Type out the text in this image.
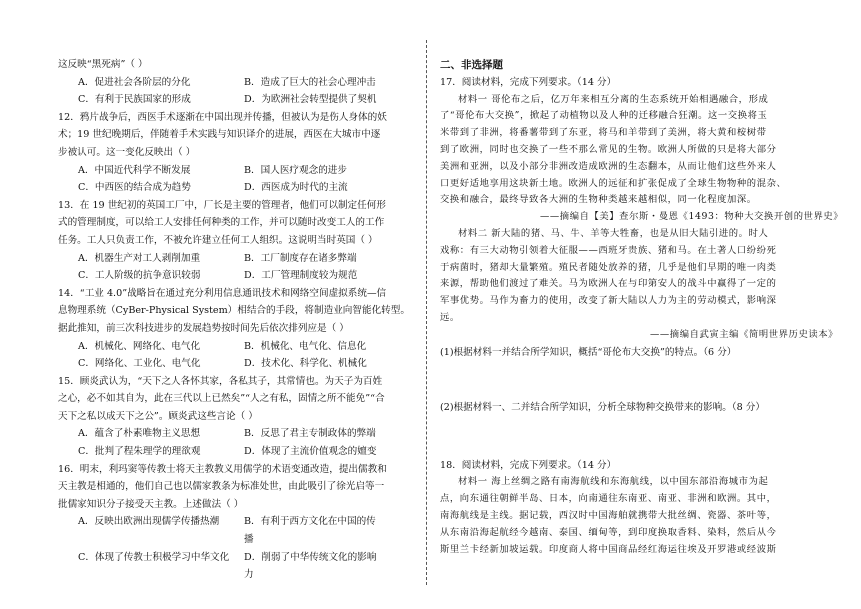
这反映“黑死病”（ ）
A．促进社会各阶层的分化	B．造成了巨大的社会心理冲击
C．有利于民族国家的形成	D．为欧洲社会转型提供了契机
12．鸦片战争后，西医手术逐渐在中国出现并传播，但被认为是伤人身体的妖
术；19 世纪晚期后，伴随着手术实践与知识译介的进展，西医在大城市中逐
步被认可。这一变化反映出（ ）
A．中国近代科学不断发展	B．国人医疗观念的进步
C．中西医的结合成为趋势	D．西医成为时代的主流
13．在 19 世纪初的英国工厂中，厂长是主要的管理者，他们可以制定任何形
式的管理制度，可以给工人安排任何种类的工作，并可以随时改变工人的工作
任务。工人只负责工作，不被允许建立任何工人组织。这说明当时英国（ ）
A．机器生产对工人剥削加重	B．工厂制度存在诸多弊端
C．工人阶级的抗争意识较弱	D．工厂管理制度较为规范
14．“工业 4.0”战略旨在通过充分利用信息通讯技术和网络空间虚拟系统—信
息物理系统（CyBer-Physical System）相结合的手段，将制造业向智能化转型。
据此推知，前三次科技进步的发展趋势按时间先后依次排列应是（ ）
A．机械化、网络化、电气化	B．机械化、电气化、信息化
C．网络化、工业化、电气化	D．技术化、科学化、机械化
15．顾炎武认为，“天下之人各怀其家，各私其子，其常情也。为天子为百姓
之心，必不如其自为，此在三代以上已然矣”“人之有私，固情之所不能免”“合
天下之私以成天下之公”。顾炎武这些言论（ ）
A．蕴含了朴素唯物主义思想	B．反思了君主专制政体的弊端
C．批判了程朱理学的理欲观	D．体现了主流价值观念的嬗变
16．明末，利玛窦等传教士将天主教教义用儒学的术语变通改造，提出儒教和
天主教是相通的，他们自己也以儒家教条为标准处世，由此吸引了徐光启等一
批儒家知识分子接受天主教。上述做法（ ）
A．反映出欧洲出现儒学传播热潮	B．有利于西方文化在中国的传
播
C．体现了传教士积极学习中华文化	D．削弱了中华传统文化的影响
力
二、非选择题
17．阅读材料，完成下列要求。（14 分）
材料一 哥伦布之后，亿万年来相互分离的生态系统开始相遇融合，形成
了“哥伦布大交换”，掀起了动植物以及人种的迁移融合狂潮。这一交换将玉
米带到了非洲，将番薯带到了东亚，将马和羊带到了美洲，将大黄和桉树带
到了欧洲，同时也交换了一些不那么常见的生物。欧洲人所做的只是将大部分
美洲和亚洲，以及小部分非洲改造成欧洲的生态翻本，从而让他们这些外来人
口更好适地享用这块新土地。欧洲人的远征和扩张促成了全球生物物种的混杂、
交换和融合，最终导致各大洲的生物种类越来越相似，同一化程度加深。
——摘编自【美】查尔斯・曼恩《1493：物种大交换开创的世界史》
材料二 新大陆的猪、马、牛、羊等大牲畜，也是从旧大陆引进的。时人
戏称：有三大动物引领着大征服——西班牙贵族、猪和马。在土著人口纷纷死
于病菌时，猪却大量繁殖。殖民者随处放养的猪，几乎是他们早期的唯一肉类
来源，帮助他们渡过了难关。马为欧洲人在与印第安人的战斗中赢得了一定的
军事优势。马作为畜力的使用，改变了新大陆以人力为主的劳动模式，影响深
远。
——摘编自武寅主编《简明世界历史读本》
(1)根据材料一并结合所学知识，概括“哥伦布大交换”的特点。（6 分）
(2)根据材料一、二并结合所学知识，分析全球物种交换带来的影响。（8 分）
18．阅读材料，完成下列要求。（14 分）
材料一 海上丝绸之路有南海航线和东海航线，以中国东部沿海城市为起
点，向东通往朝鲜半岛、日本，向南通往东南亚、南亚、非洲和欧洲。其中，
南海航线是主线。据记载，西汉时中国海舶就携带大批丝绸、瓷器、茶叶等，
从东南沿海起航经今越南、泰国、缅甸等，到印度换取香料、染料，然后从今
斯里兰卡经新加坡运载。印度商人将中国商品经红海运往埃及开罗港或经波斯
